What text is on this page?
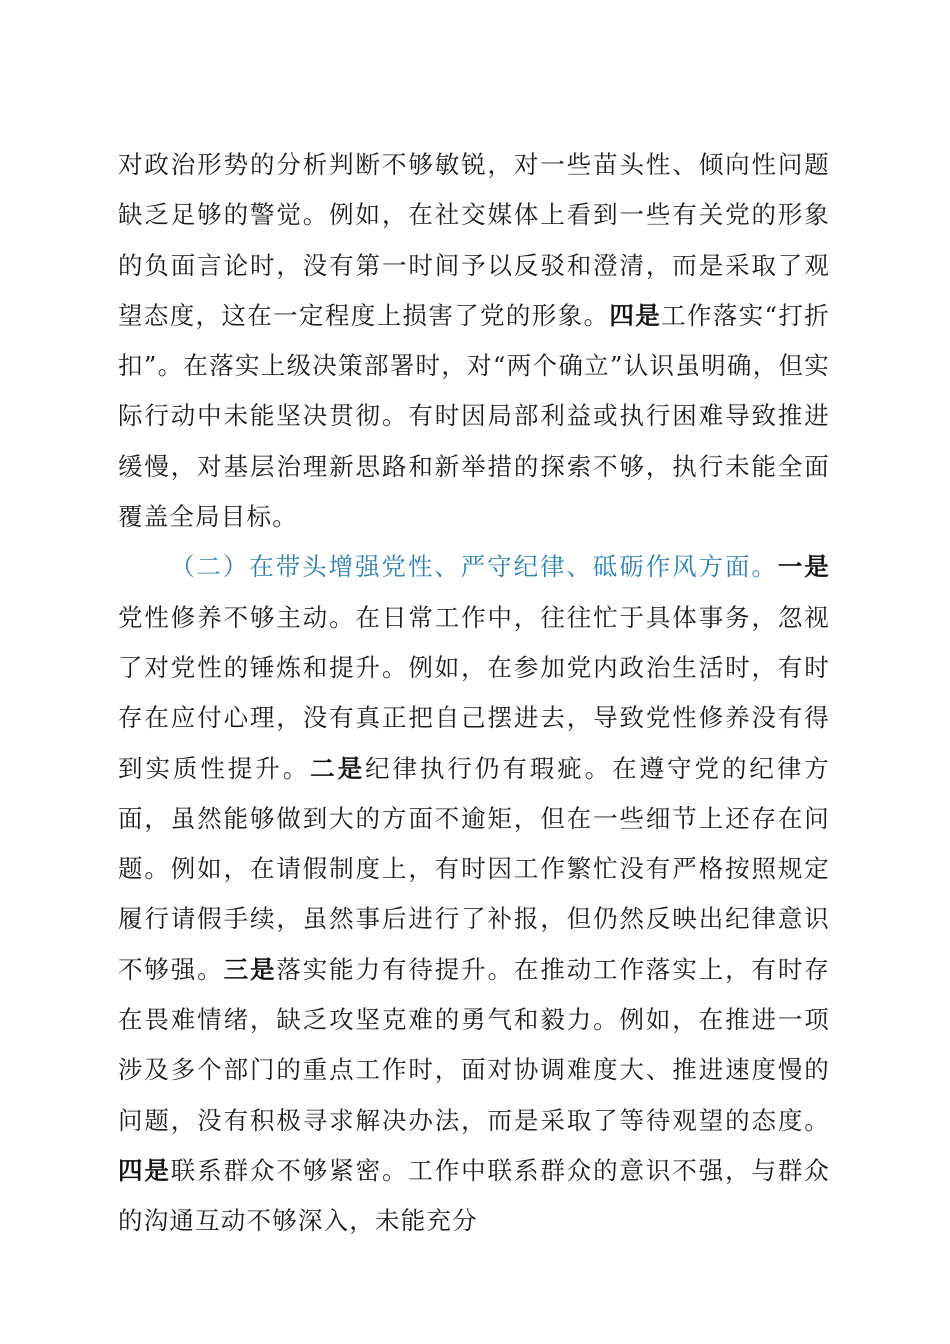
对政治形势的分析判断不够敏锐，对一些苗头性、倾向性问题缺乏足够的警觉。例如，在社交媒体上看到一些有关党的形象的负面言论时，没有第一时间予以反驳和澄清，而是采取了观望态度，这在一定程度上损害了党的形象。四是工作落实“打折扣”。在落实上级决策部署时，对“两个确立”认识虽明确，但实际行动中未能坚决贯彻。有时因局部利益或执行困难导致推进缓慢，对基层治理新思路和新举措的探索不够，执行未能全面覆盖全局目标。

（二）在带头增强党性、严守纪律、砥砺作风方面。一是党性修养不够主动。在日常工作中，往往忙于具体事务，忽视了对党性的锤炼和提升。例如，在参加党内政治生活时，有时存在应付心理，没有真正把自己摆进去，导致党性修养没有得到实质性提升。二是纪律执行仍有瑕疵。在遵守党的纪律方面，虽然能够做到大的方面不逾矩，但在一些细节上还存在问题。例如，在请假制度上，有时因工作繁忙没有严格按照规定履行请假手续，虽然事后进行了补报，但仍然反映出纪律意识不够强。三是落实能力有待提升。在推动工作落实上，有时存在畏难情绪，缺乏攻坚克难的勇气和毅力。例如，在推进一项涉及多个部门的重点工作时，面对协调难度大、推进速度慢的问题，没有积极寻求解决办法，而是采取了等待观望的态度。四是联系群众不够紧密。工作中联系群众的意识不强，与群众的沟通互动不够深入，未能充分
